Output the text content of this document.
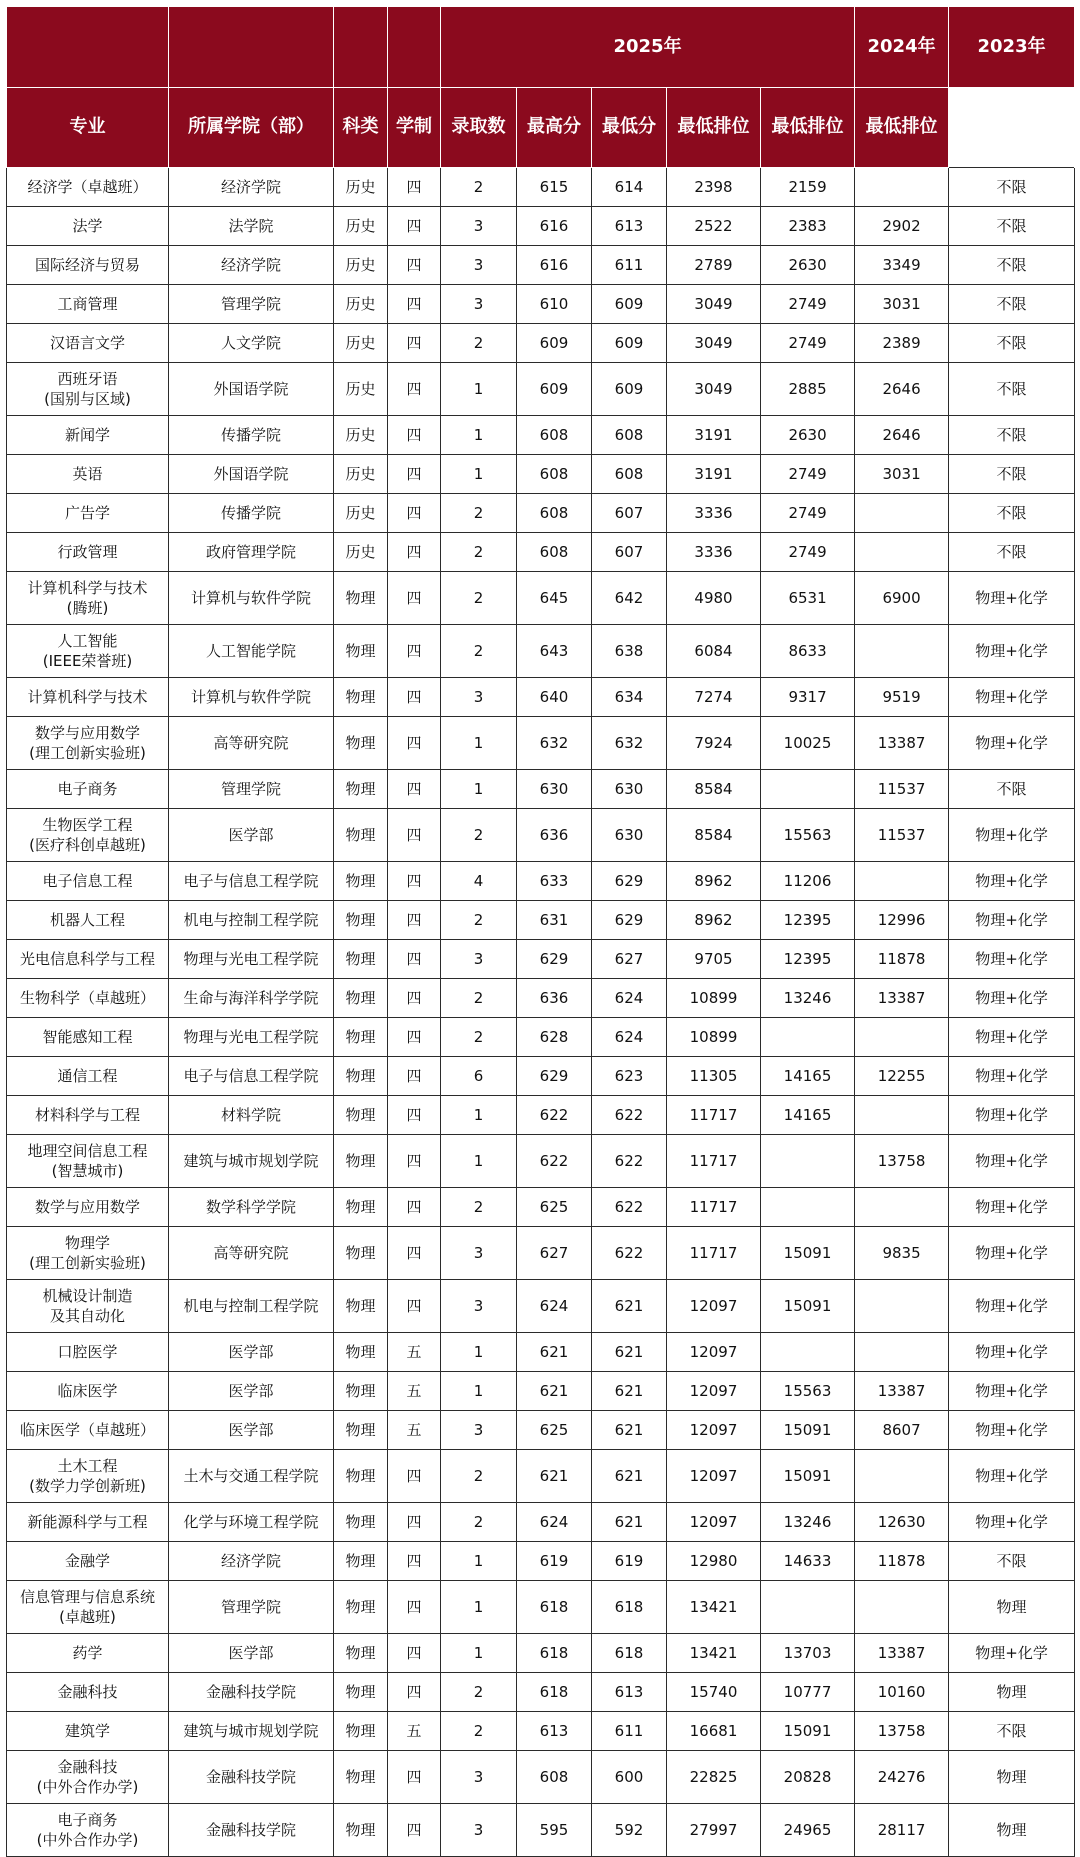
				2025年					2024年	2023年	

专业	所属学院（部）	科类	学制	录取数	最高分	最低分	最低排位	最低排位	最低排位		
经济学（卓越班）	经济学院	历史	四	2	615	614	2398	2159		不限	
法学	法学院	历史	四	3	616	613	2522	2383	2902	不限	
国际经济与贸易	经济学院	历史	四	3	616	611	2789	2630	3349	不限	
工商管理	管理学院	历史	四	3	610	609	3049	2749	3031	不限	
汉语言文学	人文学院	历史	四	2	609	609	3049	2749	2389	不限	
西班牙语
(国别与区域)	外国语学院	历史	四	1	609	609	3049	2885	2646	不限	
新闻学	传播学院	历史	四	1	608	608	3191	2630	2646	不限	
英语	外国语学院	历史	四	1	608	608	3191	2749	3031	不限	
广告学	传播学院	历史	四	2	608	607	3336	2749		不限	
行政管理	政府管理学院	历史	四	2	608	607	3336	2749		不限	
计算机科学与技术
(腾班)	计算机与软件学院	物理	四	2	645	642	4980	6531	6900	物理+化学	
人工智能
(IEEE荣誉班)	人工智能学院	物理	四	2	643	638	6084	8633		物理+化学	
计算机科学与技术	计算机与软件学院	物理	四	3	640	634	7274	9317	9519	物理+化学	
数学与应用数学
(理工创新实验班)	高等研究院	物理	四	1	632	632	7924	10025	13387	物理+化学	
电子商务	管理学院	物理	四	1	630	630	8584		11537	不限	
生物医学工程
(医疗科创卓越班)	医学部	物理	四	2	636	630	8584	15563	11537	物理+化学	
电子信息工程	电子与信息工程学院	物理	四	4	633	629	8962	11206		物理+化学	
机器人工程	机电与控制工程学院	物理	四	2	631	629	8962	12395	12996	物理+化学	
光电信息科学与工程	物理与光电工程学院	物理	四	3	629	627	9705	12395	11878	物理+化学	
生物科学（卓越班）	生命与海洋科学学院	物理	四	2	636	624	10899	13246	13387	物理+化学	
智能感知工程	物理与光电工程学院	物理	四	2	628	624	10899			物理+化学	
通信工程	电子与信息工程学院	物理	四	6	629	623	11305	14165	12255	物理+化学	
材料科学与工程	材料学院	物理	四	1	622	622	11717	14165		物理+化学	
地理空间信息工程
(智慧城市)	建筑与城市规划学院	物理	四	1	622	622	11717		13758	物理+化学	
数学与应用数学	数学科学学院	物理	四	2	625	622	11717			物理+化学	
物理学
(理工创新实验班)	高等研究院	物理	四	3	627	622	11717	15091	9835	物理+化学	
机械设计制造
及其自动化	机电与控制工程学院	物理	四	3	624	621	12097	15091		物理+化学	
口腔医学	医学部	物理	五	1	621	621	12097			物理+化学	
临床医学	医学部	物理	五	1	621	621	12097	15563	13387	物理+化学	
临床医学（卓越班）	医学部	物理	五	3	625	621	12097	15091	8607	物理+化学	
土木工程
(数学力学创新班)	土木与交通工程学院	物理	四	2	621	621	12097	15091		物理+化学	
新能源科学与工程	化学与环境工程学院	物理	四	2	624	621	12097	13246	12630	物理+化学	
金融学	经济学院	物理	四	1	619	619	12980	14633	11878	不限	
信息管理与信息系统
(卓越班)	管理学院	物理	四	1	618	618	13421			物理	
药学	医学部	物理	四	1	618	618	13421	13703	13387	物理+化学	
金融科技	金融科技学院	物理	四	2	618	613	15740	10777	10160	物理	
建筑学	建筑与城市规划学院	物理	五	2	613	611	16681	15091	13758	不限	
金融科技
(中外合作办学)	金融科技学院	物理	四	3	608	600	22825	20828	24276	物理	
电子商务
(中外合作办学)	金融科技学院	物理	四	3	595	592	27997	24965	28117	物理	
